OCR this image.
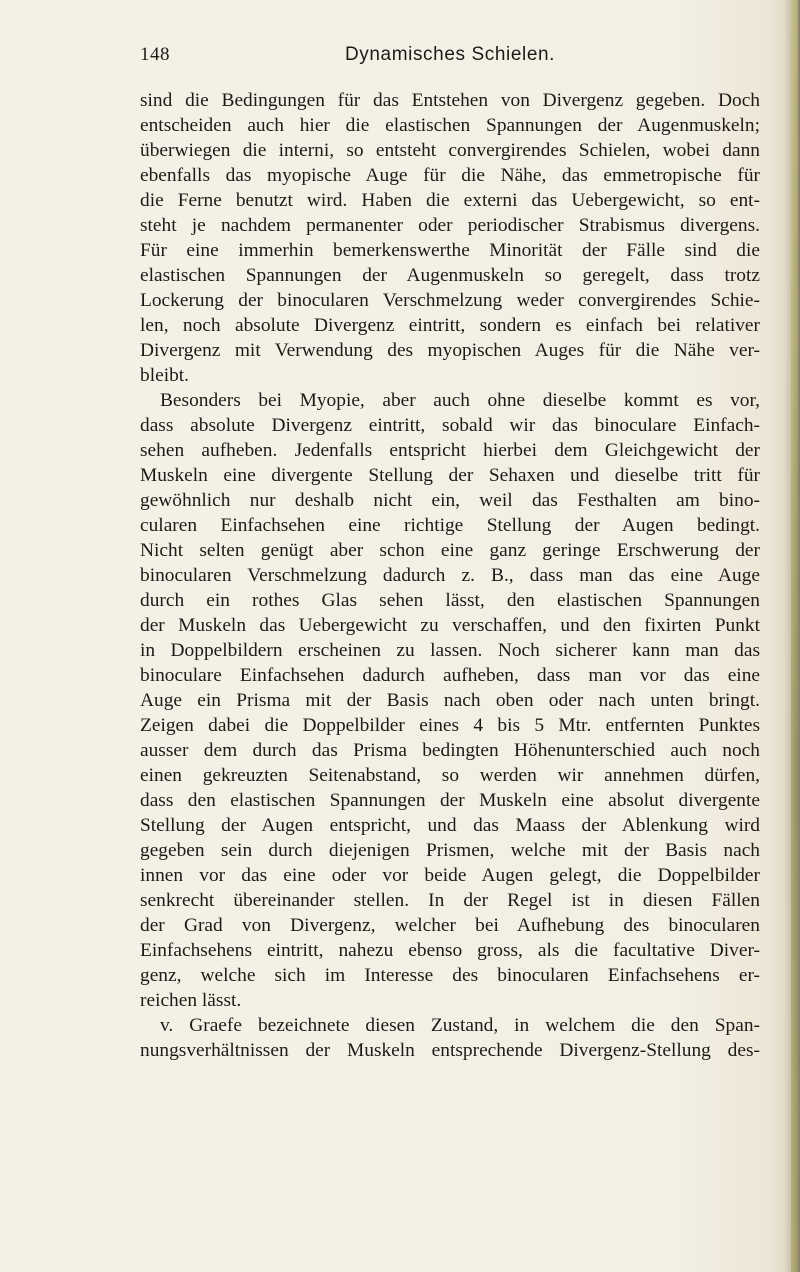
148	Dynamisches Schielen.
sind die Bedingungen für das Entstehen von Divergenz gegeben. Doch
entscheiden auch hier die elastischen Spannungen der Augenmuskeln;
überwiegen die interni, so entsteht convergirendes Schielen, wobei dann
ebenfalls das myopische Auge für die Nähe, das emmetropische für
die Ferne benutzt wird. Haben die externi das Uebergewicht, so ent-
steht je nachdem permanenter oder periodischer Strabismus divergens.
Für eine immerhin bemerkenswerthe Minorität der Fälle sind die
elastischen Spannungen der Augenmuskeln so geregelt, dass trotz
Lockerung der binocularen Verschmelzung weder convergirendes Schie-
len, noch absolute Divergenz eintritt, sondern es einfach bei relativer
Divergenz mit Verwendung des myopischen Auges für die Nähe ver-
bleibt.
Besonders bei Myopie, aber auch ohne dieselbe kommt es vor,
dass absolute Divergenz eintritt, sobald wir das binoculare Einfach-
sehen aufheben. Jedenfalls entspricht hierbei dem Gleichgewicht der
Muskeln eine divergente Stellung der Sehaxen und dieselbe tritt für
gewöhnlich nur deshalb nicht ein, weil das Festhalten am bino-
cularen Einfachsehen eine richtige Stellung der Augen bedingt.
Nicht selten genügt aber schon eine ganz geringe Erschwerung der
binocularen Verschmelzung dadurch z. B., dass man das eine Auge
durch ein rothes Glas sehen lässt, den elastischen Spannungen
der Muskeln das Uebergewicht zu verschaffen, und den fixirten Punkt
in Doppelbildern erscheinen zu lassen. Noch sicherer kann man das
binoculare Einfachsehen dadurch aufheben, dass man vor das eine
Auge ein Prisma mit der Basis nach oben oder nach unten bringt.
Zeigen dabei die Doppelbilder eines 4 bis 5 Mtr. entfernten Punktes
ausser dem durch das Prisma bedingten Höhenunterschied auch noch
einen gekreuzten Seitenabstand, so werden wir annehmen dürfen,
dass den elastischen Spannungen der Muskeln eine absolut divergente
Stellung der Augen entspricht, und das Maass der Ablenkung wird
gegeben sein durch diejenigen Prismen, welche mit der Basis nach
innen vor das eine oder vor beide Augen gelegt, die Doppelbilder
senkrecht übereinander stellen. In der Regel ist in diesen Fällen
der Grad von Divergenz, welcher bei Aufhebung des binocularen
Einfachsehens eintritt, nahezu ebenso gross, als die facultative Diver-
genz, welche sich im Interesse des binocularen Einfachsehens er-
reichen lässt.
v. Graefe bezeichnete diesen Zustand, in welchem die den Span-
nungsverhältnissen der Muskeln entsprechende Divergenz-Stellung des-
